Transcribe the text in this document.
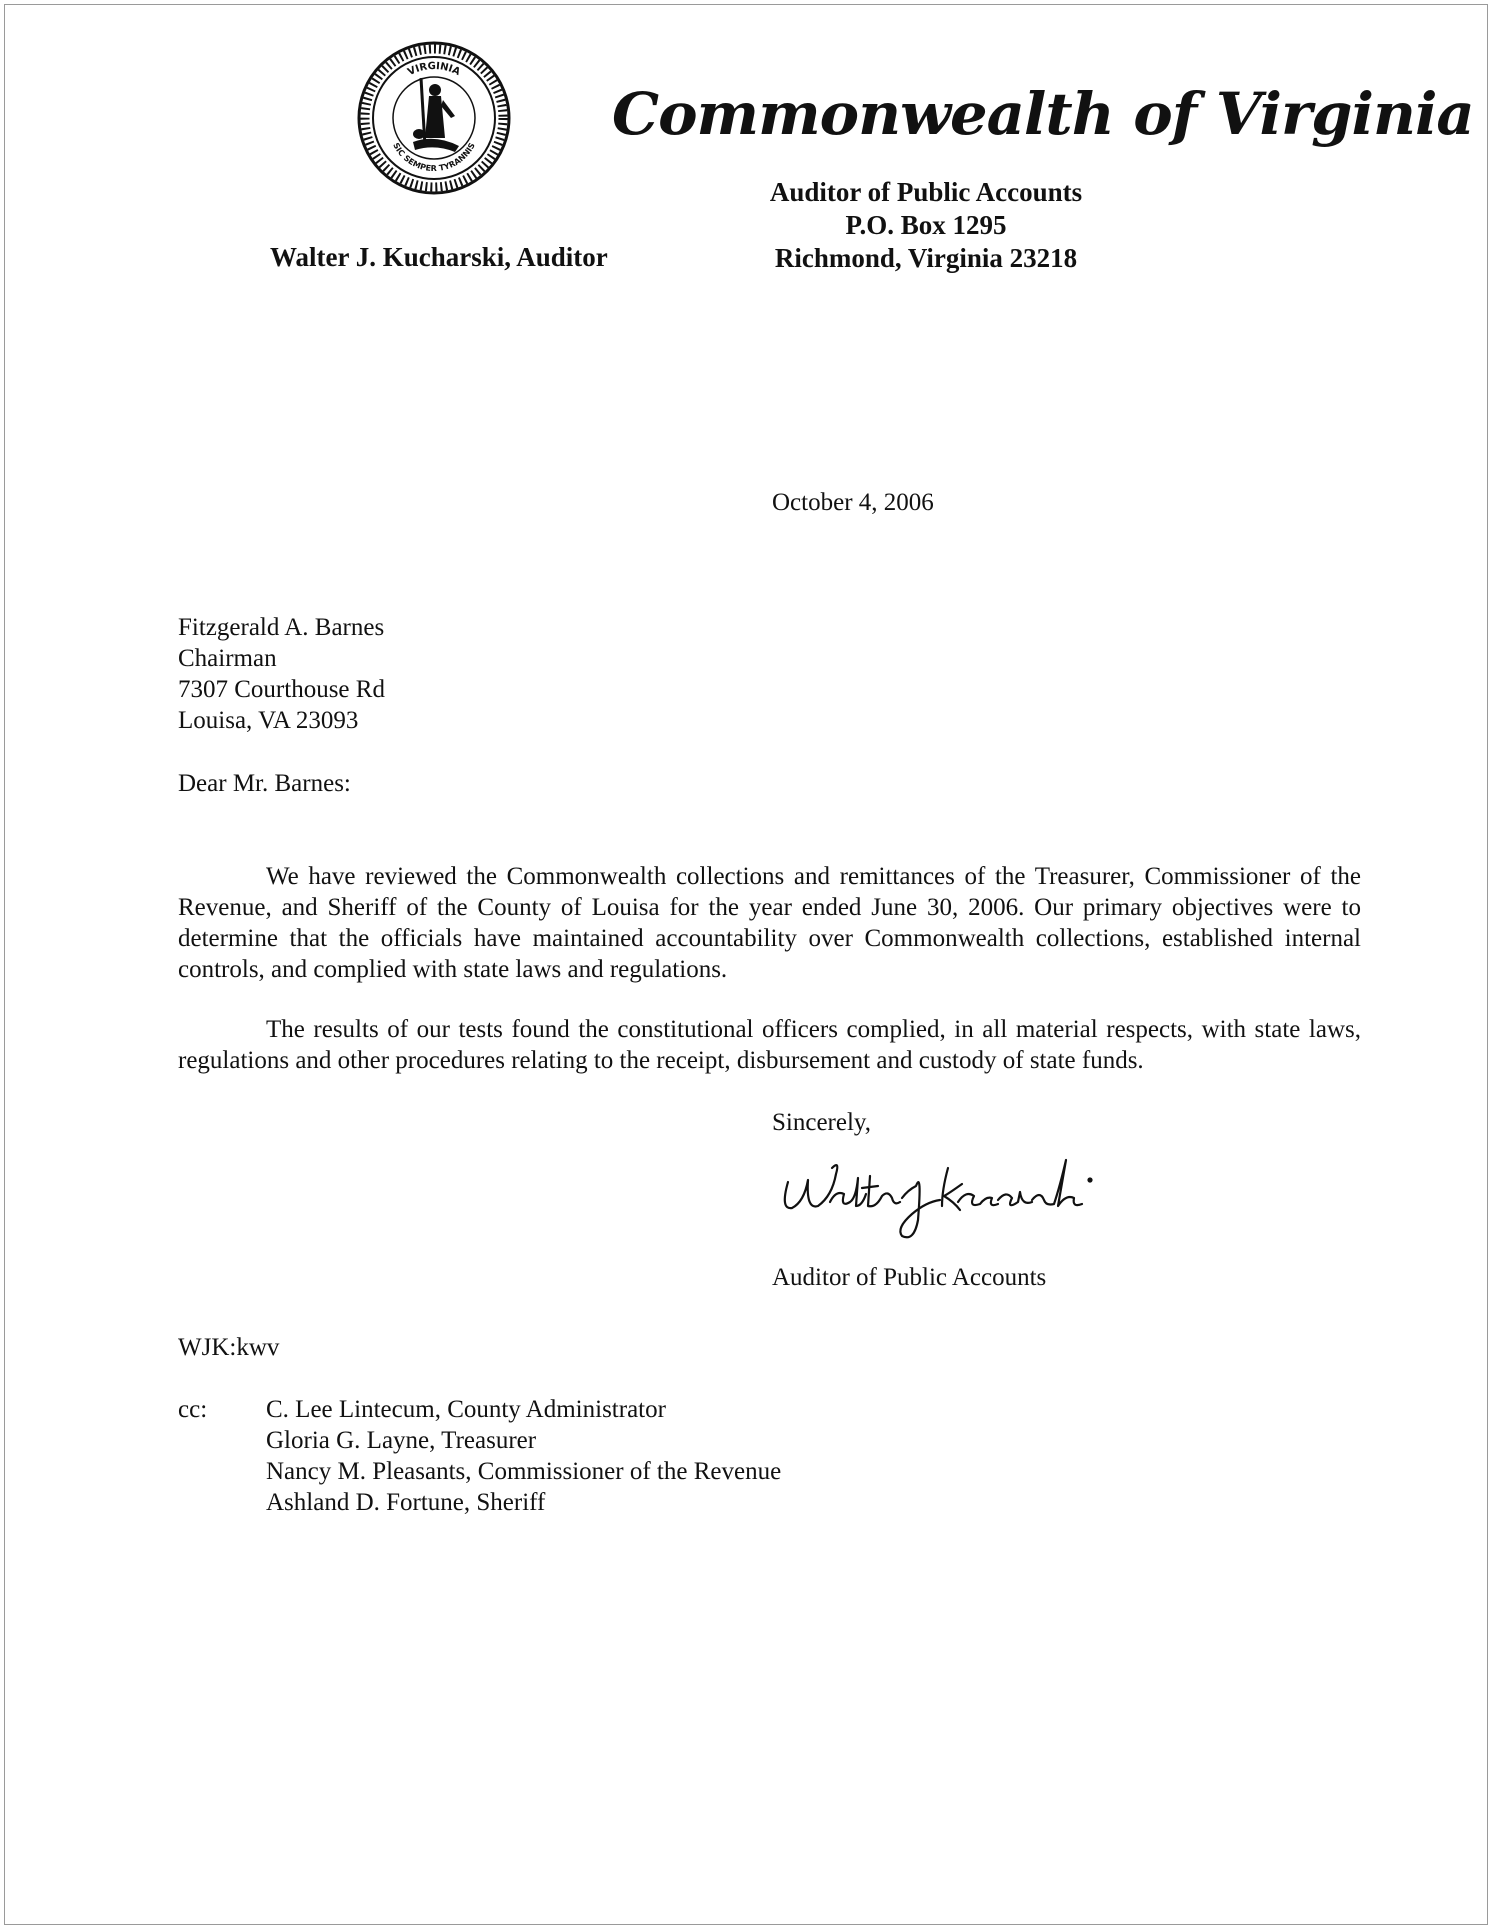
VIRGINIA
SIC SEMPER TYRANNIS Commonwealth of Virginia
Auditor of Public Accounts
P.O. Box 1295
Richmond, Virginia 23218
Walter J. Kucharski, Auditor
October 4, 2006
Fitzgerald A. Barnes
Chairman
7307 Courthouse Rd
Louisa, VA 23093
Dear Mr. Barnes:

We have reviewed the Commonwealth collections and remittances of the Treasurer, Commissioner of the Revenue, and Sheriff of the County of Louisa for the year ended June 30, 2006. Our primary objectives were to determine that the officials have maintained accountability over Commonwealth collections, established internal controls, and complied with state laws and regulations.

The results of our tests found the constitutional officers complied, in all material respects, with state laws, regulations and other procedures relating to the receipt, disbursement and custody of state funds.

Sincerely,
Auditor of Public Accounts
WJK:kwv
cc: C. Lee Lintecum, County Administrator
Gloria G. Layne, Treasurer
Nancy M. Pleasants, Commissioner of the Revenue
Ashland D. Fortune, Sheriff
